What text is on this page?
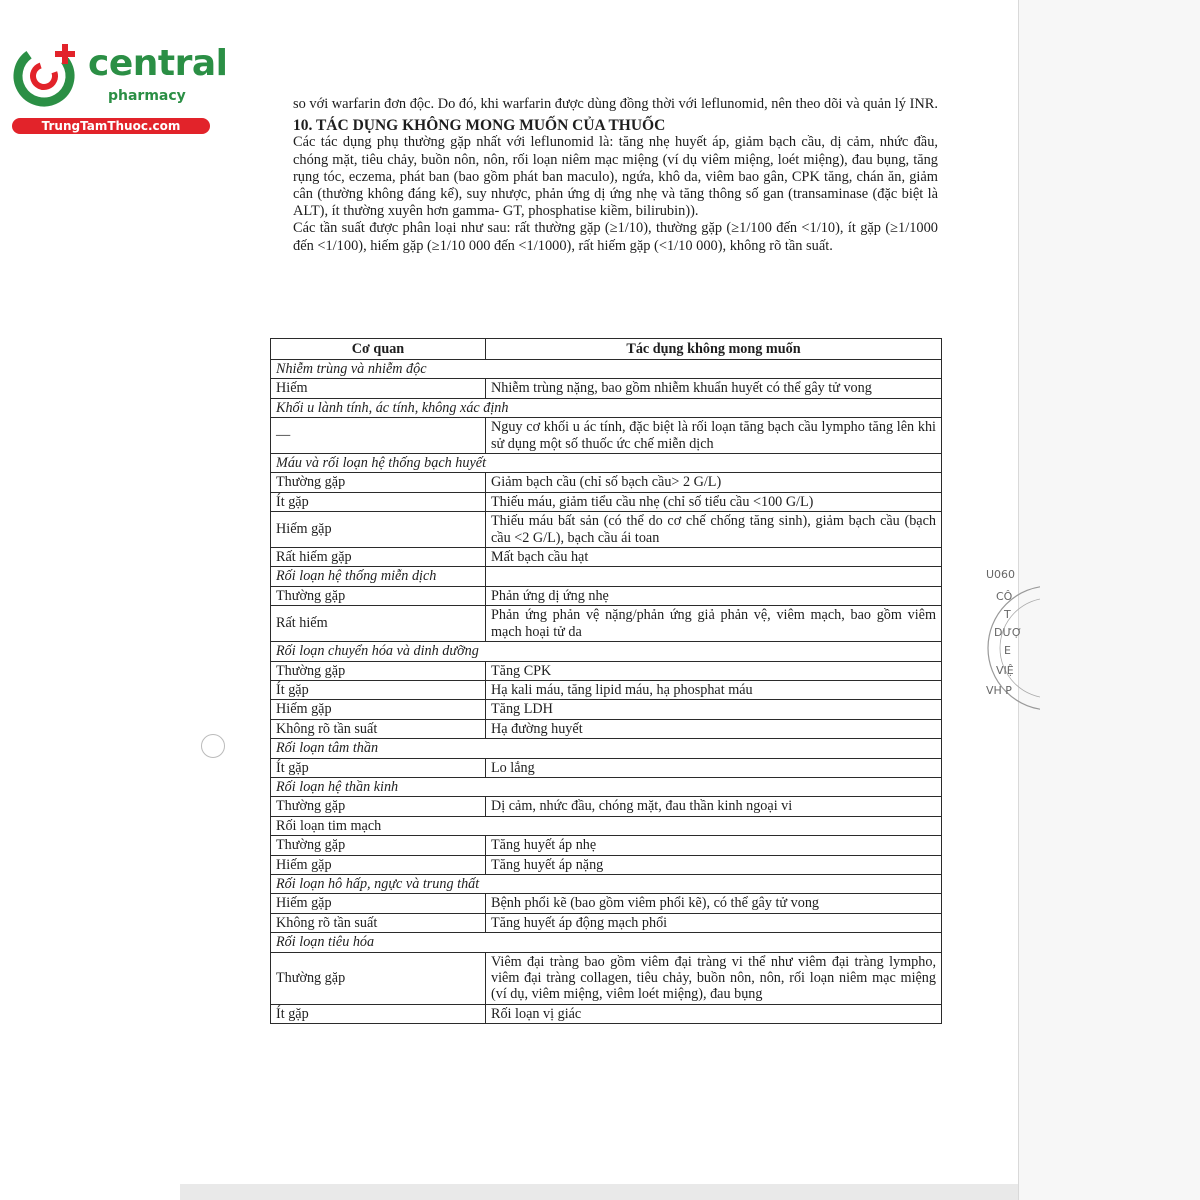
central
pharmacy
TrungTamThuoc.com

so với warfarin đơn độc. Do đó, khi warfarin được dùng đồng thời với leflunomid, nên theo dõi và quản lý INR.

10. TÁC DỤNG KHÔNG MONG MUỐN CỦA THUỐC

Các tác dụng phụ thường gặp nhất với leflunomid là: tăng nhẹ huyết áp, giảm bạch cầu, dị cảm, nhức đầu, chóng mặt, tiêu chảy, buồn nôn, nôn, rối loạn niêm mạc miệng (ví dụ viêm miệng, loét miệng), đau bụng, tăng rụng tóc, eczema, phát ban (bao gồm phát ban maculo), ngứa, khô da, viêm bao gân, CPK tăng, chán ăn, giảm cân (thường không đáng kể), suy nhược, phản ứng dị ứng nhẹ và tăng thông số gan (transaminase (đặc biệt là ALT), ít thường xuyên hơn gamma- GT, phosphatise kiềm, bilirubin)).

Các tần suất được phân loại như sau: rất thường gặp (≥1/10), thường gặp (≥1/100 đến <1/10), ít gặp (≥1/1000 đến <1/100), hiếm gặp (≥1/10 000 đến <1/1000), rất hiếm gặp (<1/10 000), không rõ tần suất.

Cơ quan	Tác dụng không mong muốn
Nhiễm trùng và nhiễm độc	
Hiếm	Nhiễm trùng nặng, bao gồm nhiễm khuẩn huyết có thể gây tử vong
Khối u lành tính, ác tính, không xác định	
—	Nguy cơ khối u ác tính, đặc biệt là rối loạn tăng bạch cầu lympho tăng lên khi sử dụng một số thuốc ức chế miễn dịch
Máu và rối loạn hệ thống bạch huyết	
Thường gặp	Giảm bạch cầu (chỉ số bạch cầu> 2 G/L)
Ít gặp	Thiếu máu, giảm tiểu cầu nhẹ (chỉ số tiểu cầu <100 G/L)
Hiếm gặp	Thiếu máu bất sản (có thể do cơ chế chống tăng sinh), giảm bạch cầu (bạch cầu <2 G/L), bạch cầu ái toan
Rất hiếm gặp	Mất bạch cầu hạt
Rối loạn hệ thống miễn dịch	
Thường gặp	Phản ứng dị ứng nhẹ
Rất hiếm	Phản ứng phản vệ nặng/phản ứng giả phản vệ, viêm mạch, bao gồm viêm mạch hoại tử da
Rối loạn chuyển hóa và dinh dưỡng	
Thường gặp	Tăng CPK
Ít gặp	Hạ kali máu, tăng lipid máu, hạ phosphat máu
Hiếm gặp	Tăng LDH
Không rõ tần suất	Hạ đường huyết
Rối loạn tâm thần	
Ít gặp	Lo lắng
Rối loạn hệ thần kinh	
Thường gặp	Dị cảm, nhức đầu, chóng mặt, đau thần kinh ngoại vi
Rối loạn tim mạch	
Thường gặp	Tăng huyết áp nhẹ
Hiếm gặp	Tăng huyết áp nặng
Rối loạn hô hấp, ngực và trung thất	
Hiếm gặp	Bệnh phổi kẽ (bao gồm viêm phổi kẽ), có thể gây tử vong
Không rõ tần suất	Tăng huyết áp động mạch phổi
Rối loạn tiêu hóa	
Thường gặp	Viêm đại tràng bao gồm viêm đại tràng vi thể như viêm đại tràng lympho, viêm đại tràng collagen, tiêu chảy, buồn nôn, nôn, rối loạn niêm mạc miệng (ví dụ, viêm miệng, viêm loét miệng), đau bụng
Ít gặp	Rối loạn vị giác
U060
CÔ
T
DƯỢ
E
VIỆ
VH P
